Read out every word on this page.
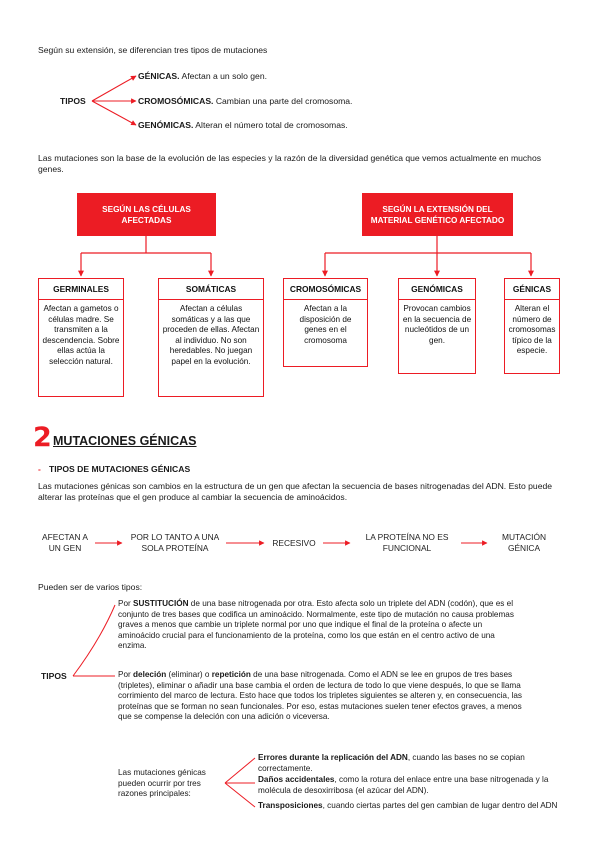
Según su extensión, se diferencian tres tipos de mutaciones
TIPOS
GÉNICAS. Afectan a un solo gen.
CROMOSÓMICAS. Cambian una parte del cromosoma.
GENÓMICAS. Alteran el número total de cromosomas.
Las mutaciones son la base de la evolución de las especies y la razón de la diversidad genética que vemos actualmente en muchos genes.
SEGÚN LAS CÉLULAS AFECTADAS
SEGÚN LA EXTENSIÓN DEL MATERIAL GENÉTICO AFECTADO
GERMINALES
Afectan a gametos o células madre. Se transmiten a la descendencia. Sobre ellas actúa la selección natural.
SOMÁTICAS
Afectan a células somáticas y a las que proceden de ellas. Afectan al individuo. No son heredables. No juegan papel en la evolución.
CROMOSÓMICAS
Afectan a la disposición de genes en el cromosoma
GENÓMICAS
Provocan cambios en la secuencia de nucleótidos de un gen.
GÉNICAS
Alteran el número de cromosomas típico de la especie.
2 MUTACIONES GÉNICAS
- TIPOS DE MUTACIONES GÉNICAS
Las mutaciones génicas son cambios en la estructura de un gen que afectan la secuencia de bases nitrogenadas del ADN. Esto puede alterar las proteínas que el gen produce al cambiar la secuencia de aminoácidos.
AFECTAN A UN GEN
POR LO TANTO A UNA SOLA PROTEÍNA	RECESIVO
LA PROTEÍNA NO ES FUNCIONAL
MUTACIÓN GÉNICA
Pueden ser de varios tipos:
TIPOS
Por SUSTITUCIÓN de una base nitrogenada por otra. Esto afecta solo un triplete del ADN (codón), que es el conjunto de tres bases que codifica un aminoácido. Normalmente, este tipo de mutación no causa problemas graves a menos que cambie un triplete normal por uno que indique el final de la proteína o afecte un aminoácido crucial para el funcionamiento de la proteína, como los que están en el centro activo de una enzima.
Por deleción (eliminar) o repetición de una base nitrogenada. Como el ADN se lee en grupos de tres bases (tripletes), eliminar o añadir una base cambia el orden de lectura de todo lo que viene después, lo que se llama corrimiento del marco de lectura. Esto hace que todos los tripletes siguientes se alteren y, en consecuencia, las proteínas que se forman no sean funcionales. Por eso, estas mutaciones suelen tener efectos graves, a menos que se compense la deleción con una adición o viceversa.
Las mutaciones génicas pueden ocurrir por tres razones principales:
Errores durante la replicación del ADN, cuando las bases no se copian correctamente.
Daños accidentales, como la rotura del enlace entre una base nitrogenada y la molécula de desoxirribosa (el azúcar del ADN).
Transposiciones, cuando ciertas partes del gen cambian de lugar dentro del ADN
